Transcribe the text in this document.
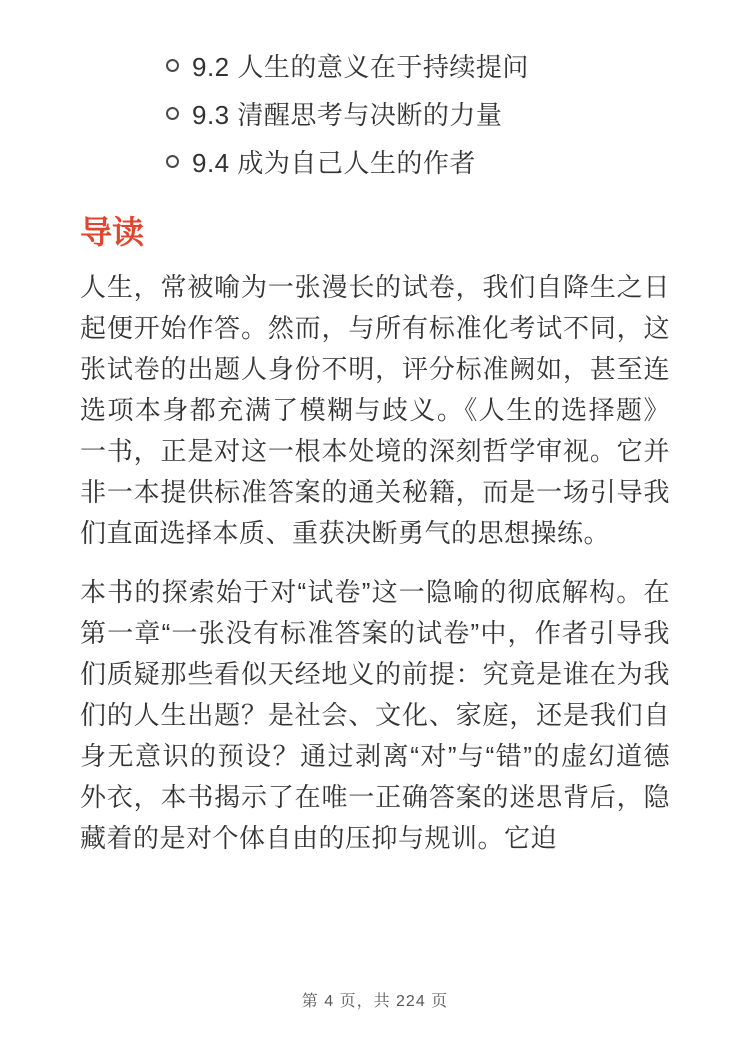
9.2 人生的意义在于持续提问
9.3 清醒思考与决断的力量
9.4 成为自己人生的作者
导读

人生，常被喻为一张漫长的试卷，我们自降生之日起便开始作答。然而，与所有标准化考试不同，这张试卷的出题人身份不明，评分标准阙如，甚至连选项本身都充满了模糊与歧义。《人生的选择题》一书，正是对这一根本处境的深刻哲学审视。它并非一本提供标准答案的通关秘籍，而是一场引导我们直面选择本质、重获决断勇气的思想操练。

本书的探索始于对“试卷”这一隐喻的彻底解构。在第一章“一张没有标准答案的试卷”中，作者引导我们质疑那些看似天经地义的前提：究竟是谁在为我们的人生出题？是社会、文化、家庭，还是我们自身无意识的预设？通过剥离“对”与“错”的虚幻道德外衣，本书揭示了在唯一正确答案的迷思背后，隐藏着的是对个体自由的压抑与规训。它迫

第 4 页，共 224 页
